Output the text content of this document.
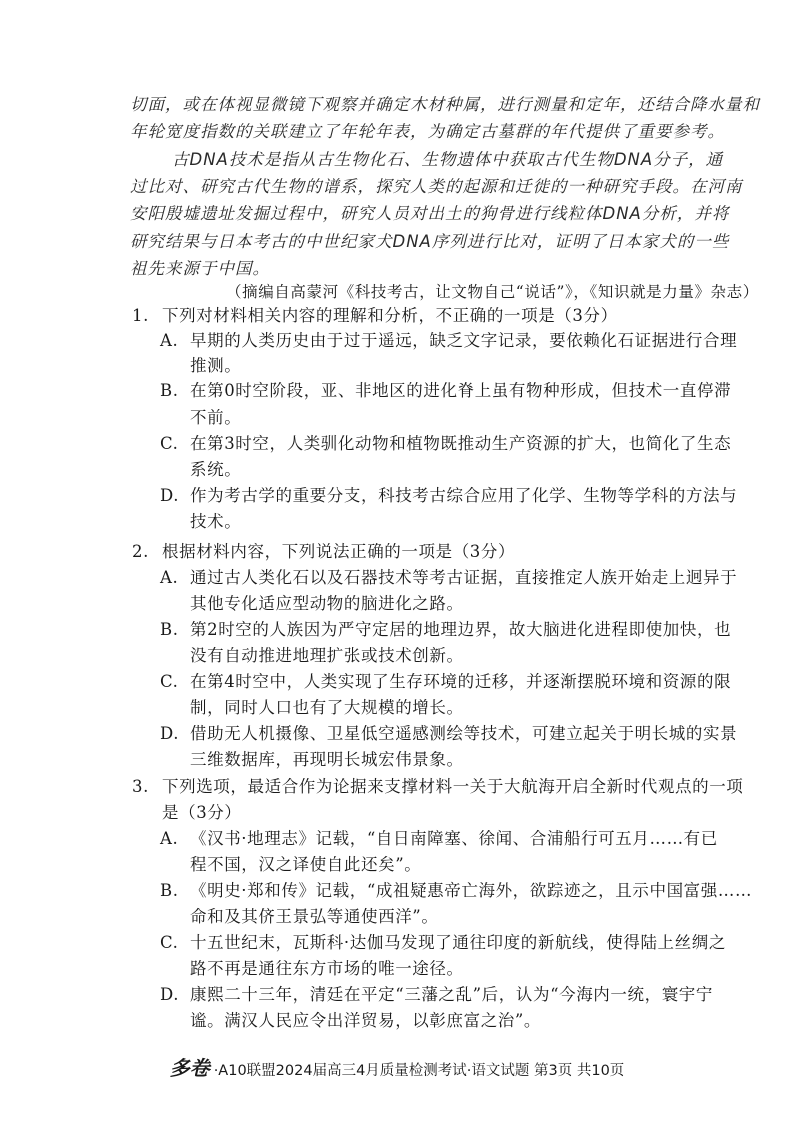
切面，或在体视显微镜下观察并确定木材种属，进行测量和定年，还结合降水量和
年轮宽度指数的关联建立了年轮年表，为确定古墓群的年代提供了重要参考。
古DNA技术是指从古生物化石、生物遗体中获取古代生物DNA分子，通
过比对、研究古代生物的谱系，探究人类的起源和迁徙的一种研究手段。在河南
安阳殷墟遗址发掘过程中，研究人员对出土的狗骨进行线粒体DNA分析，并将
研究结果与日本考古的中世纪家犬DNA序列进行比对，证明了日本家犬的一些
祖先来源于中国。
（摘编自高蒙河《科技考古，让文物自己“说话”》，《知识就是力量》杂志）
1. 下列对材料相关内容的理解和分析，不正确的一项是（3分）
A. 早期的人类历史由于过于遥远，缺乏文字记录，要依赖化石证据进行合理
推测。
B. 在第0时空阶段，亚、非地区的进化脊上虽有物种形成，但技术一直停滞
不前。
C. 在第3时空，人类驯化动物和植物既推动生产资源的扩大，也简化了生态
系统。
D. 作为考古学的重要分支，科技考古综合应用了化学、生物等学科的方法与
技术。
2. 根据材料内容，下列说法正确的一项是（3分）
A. 通过古人类化石以及石器技术等考古证据，直接推定人族开始走上迥异于
其他专化适应型动物的脑进化之路。
B. 第2时空的人族因为严守定居的地理边界，故大脑进化进程即使加快，也
没有自动推进地理扩张或技术创新。
C. 在第4时空中，人类实现了生存环境的迁移，并逐渐摆脱环境和资源的限
制，同时人口也有了大规模的增长。
D. 借助无人机摄像、卫星低空遥感测绘等技术，可建立起关于明长城的实景
三维数据库，再现明长城宏伟景象。
3. 下列选项，最适合作为论据来支撑材料一关于大航海开启全新时代观点的一项
是（3分）
A. 《汉书·地理志》记载，“自日南障塞、徐闻、合浦船行可五月……有已
程不国，汉之译使自此还矣”。
B. 《明史·郑和传》记载，“成祖疑惠帝亡海外，欲踪迹之，且示中国富强……
命和及其侪王景弘等通使西洋”。
C. 十五世纪末，瓦斯科·达伽马发现了通往印度的新航线，使得陆上丝绸之
路不再是通往东方市场的唯一途径。
D. 康熙二十三年，清廷在平定“三藩之乱”后，认为“今海内一统，寰宇宁
谧。满汉人民应令出洋贸易，以彰庶富之治”。
多卷 ·A10联盟2024届高三4月质量检测考试·语文试题 第3页 共10页
